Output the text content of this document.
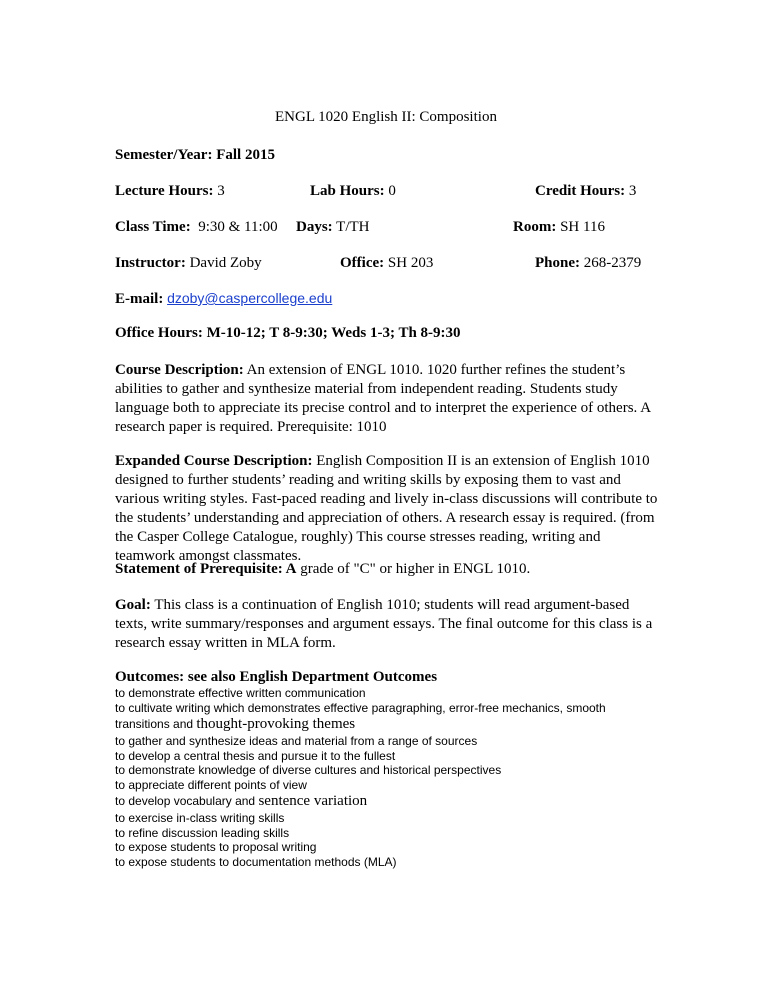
ENGL 1020 English II: Composition
Semester/Year: Fall 2015
Lecture Hours: 3	Lab Hours: 0	Credit Hours: 3
Class Time: 9:30 & 11:00 Days: T/TH	Room: SH 116
Instructor: David Zoby	Office: SH 203	Phone: 268-2379
E-mail: dzoby@caspercollege.edu
Office Hours: M-10-12; T 8-9:30; Weds 1-3; Th 8-9:30

Course Description: An extension of ENGL 1010. 1020 further refines the student’s abilities to gather and synthesize material from independent reading. Students study language both to appreciate its precise control and to interpret the experience of others. A research paper is required. Prerequisite: 1010

Expanded Course Description: English Composition II is an extension of English 1010 designed to further students’ reading and writing skills by exposing them to vast and various writing styles. Fast-paced reading and lively in-class discussions will contribute to the students’ understanding and appreciation of others. A research essay is required. (from the Casper College Catalogue, roughly) This course stresses reading, writing and teamwork amongst classmates.

Statement of Prerequisite: A grade of "C" or higher in ENGL 1010.

Goal: This class is a continuation of English 1010; students will read argument-based texts, write summary/responses and argument essays. The final outcome for this class is a research essay written in MLA form.

Outcomes: see also English Department Outcomes
to demonstrate effective written communication
to cultivate writing which demonstrates effective paragraphing, error-free mechanics, smooth
transitions and thought-provoking themes
to gather and synthesize ideas and material from a range of sources
to develop a central thesis and pursue it to the fullest
to demonstrate knowledge of diverse cultures and historical perspectives
to appreciate different points of view
to develop vocabulary and sentence variation
to exercise in-class writing skills
to refine discussion leading skills
to expose students to proposal writing
to expose students to documentation methods (MLA)
